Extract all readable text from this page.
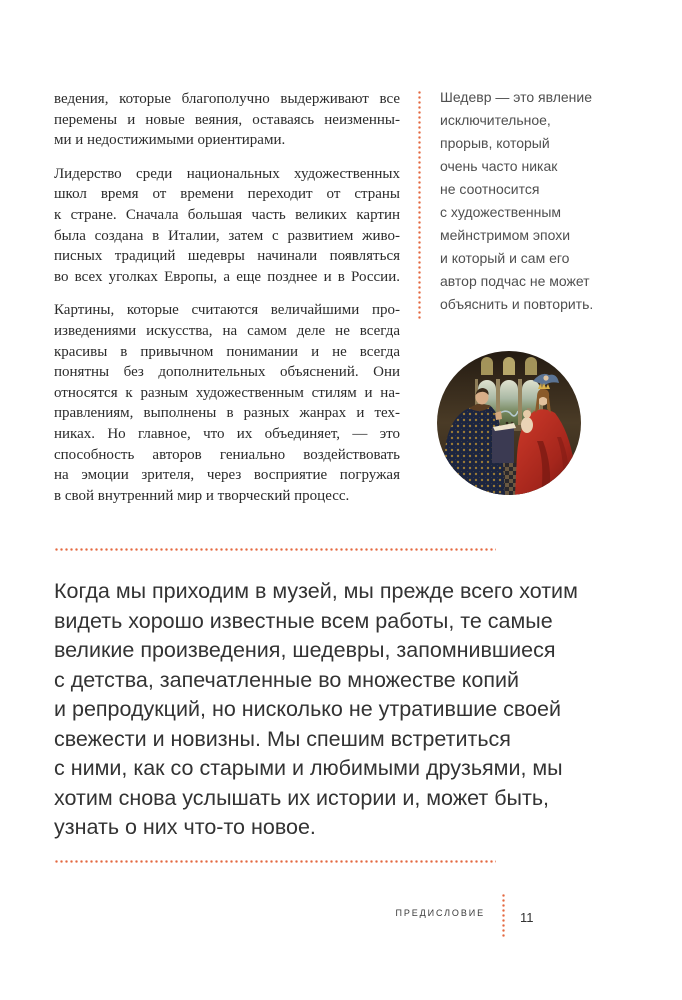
ведения, которые благополучно выдерживают все
перемены и новые веяния, оставаясь неизменны-
ми и недостижимыми ориентирами.
Лидерство среди национальных художественных
школ время от времени переходит от страны
к стране. Сначала большая часть великих картин
была создана в Италии, затем с развитием живо-
писных традиций шедевры начинали появляться
во всех уголках Европы, а еще позднее и в России.
Картины, которые считаются величайшими про-
изведениями искусства, на самом деле не всегда
красивы в привычном понимании и не всегда
понятны без дополнительных объяснений. Они
относятся к разным художественным стилям и на-
правлениям, выполнены в разных жанрах и тех-
никах. Но главное, что их объединяет, — это
способность авторов гениально воздействовать
на эмоции зрителя, через восприятие погружая
в свой внутренний мир и творческий процесс.
Шедевр — это явление
исключительное,
прорыв, который
очень часто никак
не соотносится
с художественным
мейнстримом эпохи
и который и сам его
автор подчас не может
объяснить и повторить.
Когда мы приходим в музей, мы прежде всего хотим
видеть хорошо известные всем работы, те самые
великие произведения, шедевры, запомнившиеся
с детства, запечатленные во множестве копий
и репродукций, но нисколько не утратившие своей
свежести и новизны. Мы спешим встретиться
с ними, как со старыми и любимыми друзьями, мы
хотим снова услышать их истории и, может быть,
узнать о них что-то новое.
ПРЕДИСЛОВИЕ	11
